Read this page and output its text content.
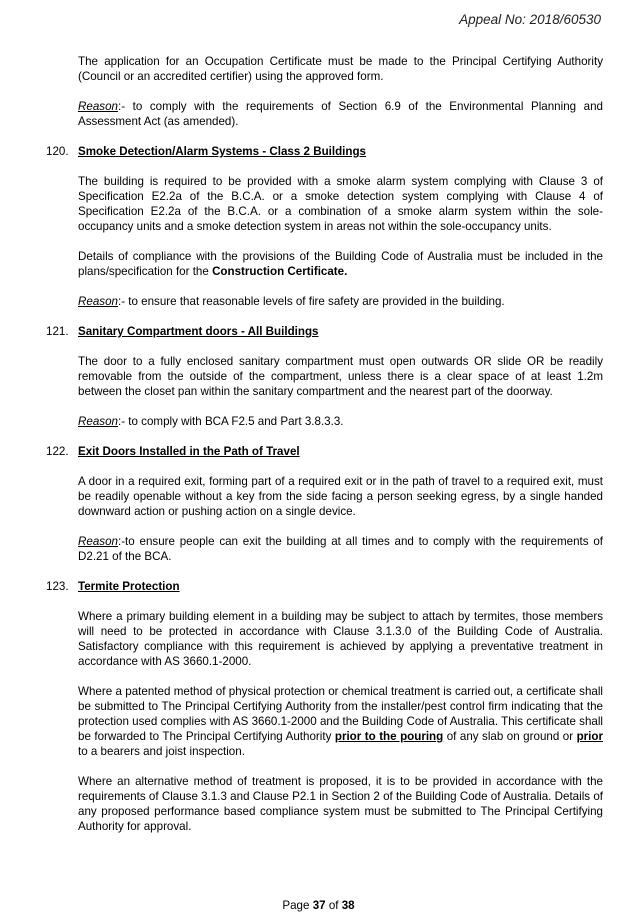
Appeal No: 2018/60530

The application for an Occupation Certificate must be made to the Principal Certifying Authority (Council or an accredited certifier) using the approved form.

Reason:- to comply with the requirements of Section 6.9 of the Environmental Planning and Assessment Act (as amended).

120. Smoke Detection/Alarm Systems - Class 2 Buildings

The building is required to be provided with a smoke alarm system complying with Clause 3 of Specification E2.2a of the B.C.A. or a smoke detection system complying with Clause 4 of Specification E2.2a of the B.C.A. or a combination of a smoke alarm system within the sole-occupancy units and a smoke detection system in areas not within the sole-occupancy units.

Details of compliance with the provisions of the Building Code of Australia must be included in the plans/specification for the Construction Certificate.

Reason:- to ensure that reasonable levels of fire safety are provided in the building.

121. Sanitary Compartment doors - All Buildings

The door to a fully enclosed sanitary compartment must open outwards OR slide OR be readily removable from the outside of the compartment, unless there is a clear space of at least 1.2m between the closet pan within the sanitary compartment and the nearest part of the doorway.

Reason:- to comply with BCA F2.5 and Part 3.8.3.3.

122. Exit Doors Installed in the Path of Travel

A door in a required exit, forming part of a required exit or in the path of travel to a required exit, must be readily openable without a key from the side facing a person seeking egress, by a single handed downward action or pushing action on a single device.

Reason:-to ensure people can exit the building at all times and to comply with the requirements of D2.21 of the BCA.

123. Termite Protection

Where a primary building element in a building may be subject to attach by termites, those members will need to be protected in accordance with Clause 3.1.3.0 of the Building Code of Australia. Satisfactory compliance with this requirement is achieved by applying a preventative treatment in accordance with AS 3660.1-2000.

Where a patented method of physical protection or chemical treatment is carried out, a certificate shall be submitted to The Principal Certifying Authority from the installer/pest control firm indicating that the protection used complies with AS 3660.1-2000 and the Building Code of Australia. This certificate shall be forwarded to The Principal Certifying Authority prior to the pouring of any slab on ground or prior to a bearers and joist inspection.

Where an alternative method of treatment is proposed, it is to be provided in accordance with the requirements of Clause 3.1.3 and Clause P2.1 in Section 2 of the Building Code of Australia. Details of any proposed performance based compliance system must be submitted to The Principal Certifying Authority for approval.

Page 37 of 38
